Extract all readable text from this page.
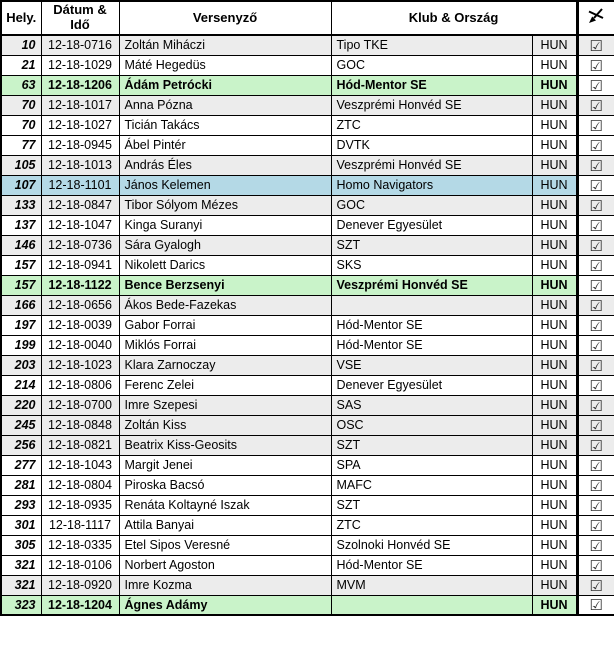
Hely.	Dátum & Idő	Versenyző	Klub & Ország	
10	12-18-0716	Zoltán Miháczi	Tipo TKE	HUN	☑
21	12-18-1029	Máté Hegedüs	GOC	HUN	☑
63	12-18-1206	Ádám Petrócki	Hód-Mentor SE	HUN	☑
70	12-18-1017	Anna Pózna	Veszprémi Honvéd SE	HUN	☑
70	12-18-1027	Ticián Takács	ZTC	HUN	☑
77	12-18-0945	Ábel Pintér	DVTK	HUN	☑
105	12-18-1013	András Éles	Veszprémi Honvéd SE	HUN	☑
107	12-18-1101	János Kelemen	Homo Navigators	HUN	☑
133	12-18-0847	Tibor Sólyom Mézes	GOC	HUN	☑
137	12-18-1047	Kinga Suranyi	Denever Egyesület	HUN	☑
146	12-18-0736	Sára Gyalogh	SZT	HUN	☑
157	12-18-0941	Nikolett Darics	SKS	HUN	☑
157	12-18-1122	Bence Berzsenyi	Veszprémi Honvéd SE	HUN	☑
166	12-18-0656	Ákos Bede-Fazekas		HUN	☑
197	12-18-0039	Gabor Forrai	Hód-Mentor SE	HUN	☑
199	12-18-0040	Miklós Forrai	Hód-Mentor SE	HUN	☑
203	12-18-1023	Klara Zarnoczay	VSE	HUN	☑
214	12-18-0806	Ferenc Zelei	Denever Egyesület	HUN	☑
220	12-18-0700	Imre Szepesi	SAS	HUN	☑
245	12-18-0848	Zoltán Kiss	OSC	HUN	☑
256	12-18-0821	Beatrix Kiss-Geosits	SZT	HUN	☑
277	12-18-1043	Margit Jenei	SPA	HUN	☑
281	12-18-0804	Piroska Bacsó	MAFC	HUN	☑
293	12-18-0935	Renáta Koltayné Iszak	SZT	HUN	☑
301	12-18-1117	Attila Banyai	ZTC	HUN	☑
305	12-18-0335	Etel Sipos Veresné	Szolnoki Honvéd SE	HUN	☑
321	12-18-0106	Norbert Agoston	Hód-Mentor SE	HUN	☑
321	12-18-0920	Imre Kozma	MVM	HUN	☑
323	12-18-1204	Ágnes Adámy		HUN	☑
